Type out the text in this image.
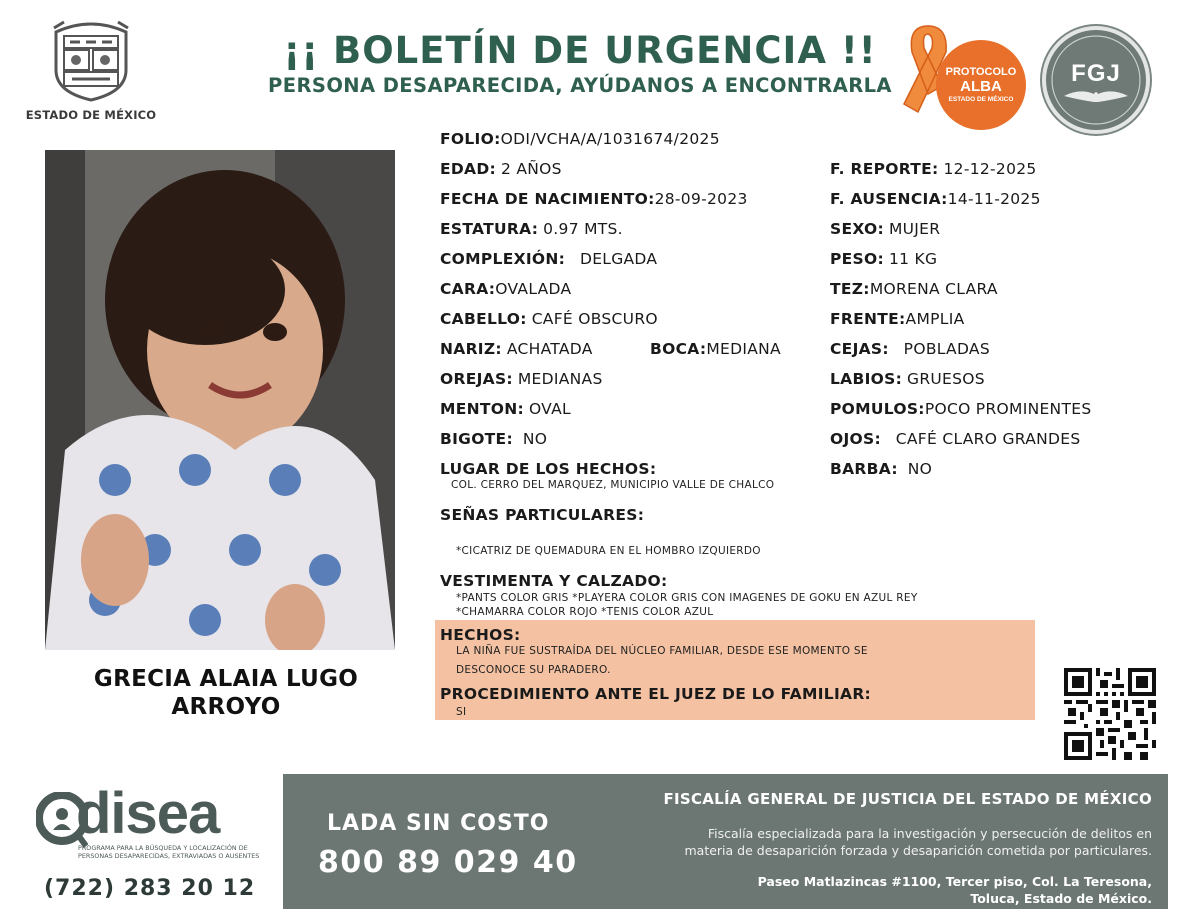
ESTADO DE MÉXICO
¡¡ BOLETÍN DE URGENCIA !!
PERSONA DESAPARECIDA, AYÚDANOS A ENCONTRARLA
PROTOCOLO
ALBA
ESTADO DE MÉXICO
FGJ
GRECIA ALAIA LUGO
ARROYO
FOLIO:ODI/VCHA/A/1031674/2025
EDAD: 2 AÑOS	F. REPORTE: 12-12-2025
FECHA DE NACIMIENTO:28-09-2023	F. AUSENCIA:14-11-2025
ESTATURA: 0.97 MTS.	SEXO: MUJER
COMPLEXIÓN: DELGADA	PESO: 11 KG
CARA:OVALADA	TEZ:MORENA CLARA
CABELLO: CAFÉ OBSCURO	FRENTE:AMPLIA
NARIZ: ACHATADA	BOCA:MEDIANA	CEJAS: POBLADAS
OREJAS: MEDIANAS	LABIOS: GRUESOS
MENTON: OVAL	POMULOS:POCO PROMINENTES
BIGOTE: NO	OJOS: CAFÉ CLARO GRANDES
LUGAR DE LOS HECHOS:	BARBA: NO
COL. CERRO DEL MARQUEZ, MUNICIPIO VALLE DE CHALCO
SEÑAS PARTICULARES:
*CICATRIZ DE QUEMADURA EN EL HOMBRO IZQUIERDO
VESTIMENTA Y CALZADO:
*PANTS COLOR GRIS *PLAYERA COLOR GRIS CON IMAGENES DE GOKU EN AZUL REY
*CHAMARRA COLOR ROJO *TENIS COLOR AZUL
HECHOS:
LA NIÑA FUE SUSTRAÍDA DEL NÚCLEO FAMILIAR, DESDE ESE MOMENTO SE
DESCONOCE SU PARADERO.
PROCEDIMIENTO ANTE EL JUEZ DE LO FAMILIAR:
SI
disea
PROGRAMA PARA LA BÚSQUEDA Y LOCALIZACIÓN DE PERSONAS DESAPARECIDAS, EXTRAVIADAS O AUSENTES
(722) 283 20 12
LADA SIN COSTO
800 89 029 40
FISCALÍA GENERAL DE JUSTICIA DEL ESTADO DE MÉXICO
Fiscalía especializada para la investigación y persecución de delitos en
materia de desaparición forzada y desaparición cometida por particulares.
Paseo Matlazincas #1100, Tercer piso, Col. La Teresona,
Toluca, Estado de México.
